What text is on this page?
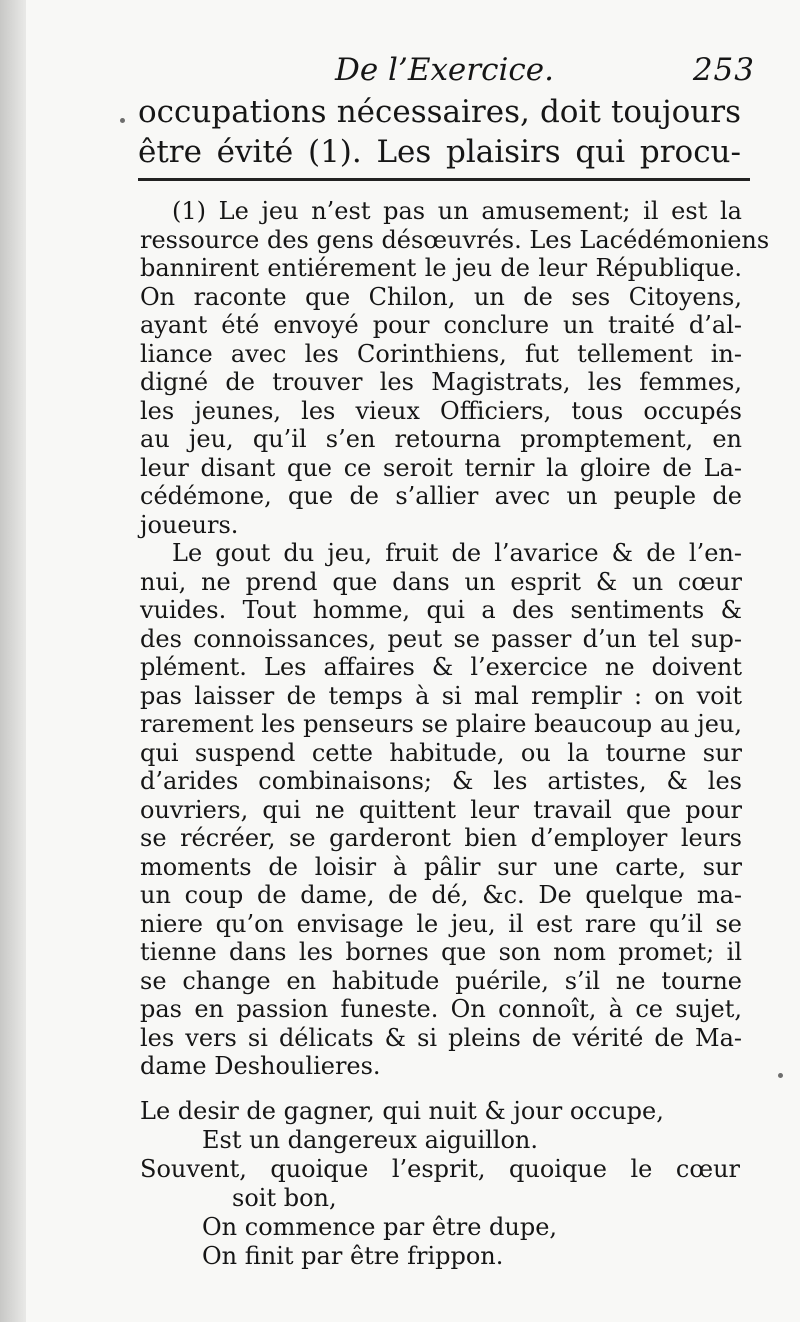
De l’Exercice.	253
occupations nécessaires, doit toujours
être évité (1). Les plaisirs qui procu-
(1) Le jeu n’est pas un amusement; il est la
ressource des gens désœuvrés. Les Lacédémoniens
bannirent entiérement le jeu de leur République.
On raconte que Chilon, un de ses Citoyens,
ayant été envoyé pour conclure un traité d’al-
liance avec les Corinthiens, fut tellement in-
digné de trouver les Magistrats, les femmes,
les jeunes, les vieux Officiers, tous occupés
au jeu, qu’il s’en retourna promptement, en
leur disant que ce seroit ternir la gloire de La-
cédémone, que de s’allier avec un peuple de
joueurs.
Le gout du jeu, fruit de l’avarice & de l’en-
nui, ne prend que dans un esprit & un cœur
vuides. Tout homme, qui a des sentiments &
des connoissances, peut se passer d’un tel sup-
plément. Les affaires & l’exercice ne doivent
pas laisser de temps à si mal remplir : on voit
rarement les penseurs se plaire beaucoup au jeu,
qui suspend cette habitude, ou la tourne sur
d’arides combinaisons; & les artistes, & les
ouvriers, qui ne quittent leur travail que pour
se récréer, se garderont bien d’employer leurs
moments de loisir à pâlir sur une carte, sur
un coup de dame, de dé, &c. De quelque ma-
niere qu’on envisage le jeu, il est rare qu’il se
tienne dans les bornes que son nom promet; il
se change en habitude puérile, s’il ne tourne
pas en passion funeste. On connoît, à ce sujet,
les vers si délicats & si pleins de vérité de Ma-
dame Deshoulieres.
Le desir de gagner, qui nuit & jour occupe,
Est un dangereux aiguillon.
Souvent, quoique l’esprit, quoique le cœur
soit bon,
On commence par être dupe,
On finit par être frippon.
